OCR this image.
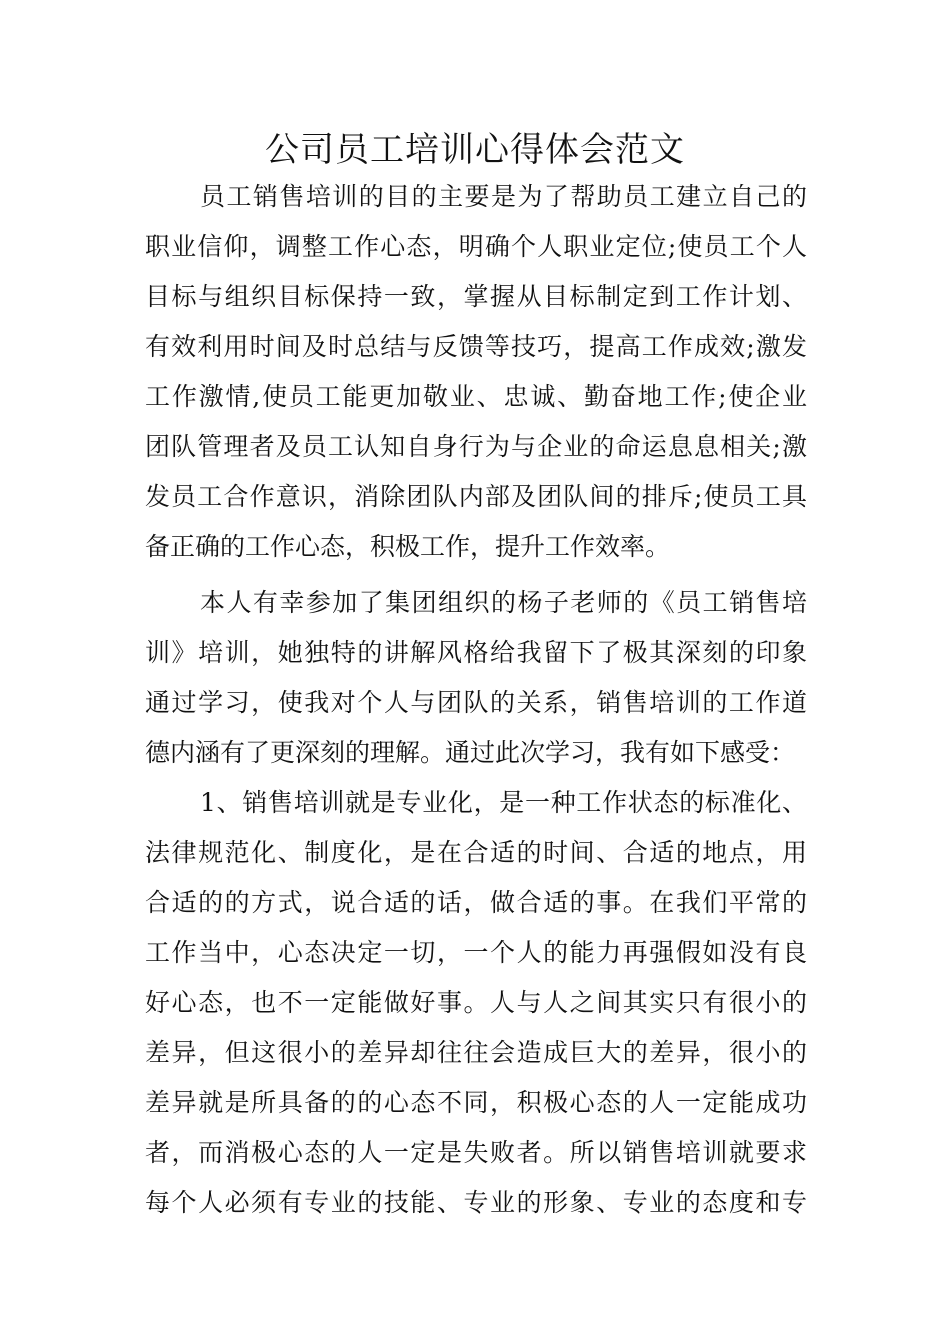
公司员工培训心得体会范文
员工销售培训的目的主要是为了帮助员工建立自己的
职业信仰，调整工作心态，明确个人职业定位;使员工个人
目标与组织目标保持一致，掌握从目标制定到工作计划、
有效利用时间及时总结与反馈等技巧，提高工作成效;激发
工作激情,使员工能更加敬业、忠诚、勤奋地工作;使企业
团队管理者及员工认知自身行为与企业的命运息息相关;激
发员工合作意识，消除团队内部及团队间的排斥;使员工具
备正确的工作心态，积极工作，提升工作效率。
本人有幸参加了集团组织的杨子老师的《员工销售培
训》培训，她独特的讲解风格给我留下了极其深刻的印象
通过学习，使我对个人与团队的关系，销售培训的工作道
德内涵有了更深刻的理解。通过此次学习，我有如下感受：
1、销售培训就是专业化，是一种工作状态的标准化、
法律规范化、制度化，是在合适的时间、合适的地点，用
合适的的方式，说合适的话，做合适的事。在我们平常的
工作当中，心态决定一切，一个人的能力再强假如没有良
好心态，也不一定能做好事。人与人之间其实只有很小的
差异，但这很小的差异却往往会造成巨大的差异，很小的
差异就是所具备的的心态不同，积极心态的人一定能成功
者，而消极心态的人一定是失败者。所以销售培训就要求
每个人必须有专业的技能、专业的形象、专业的态度和专
